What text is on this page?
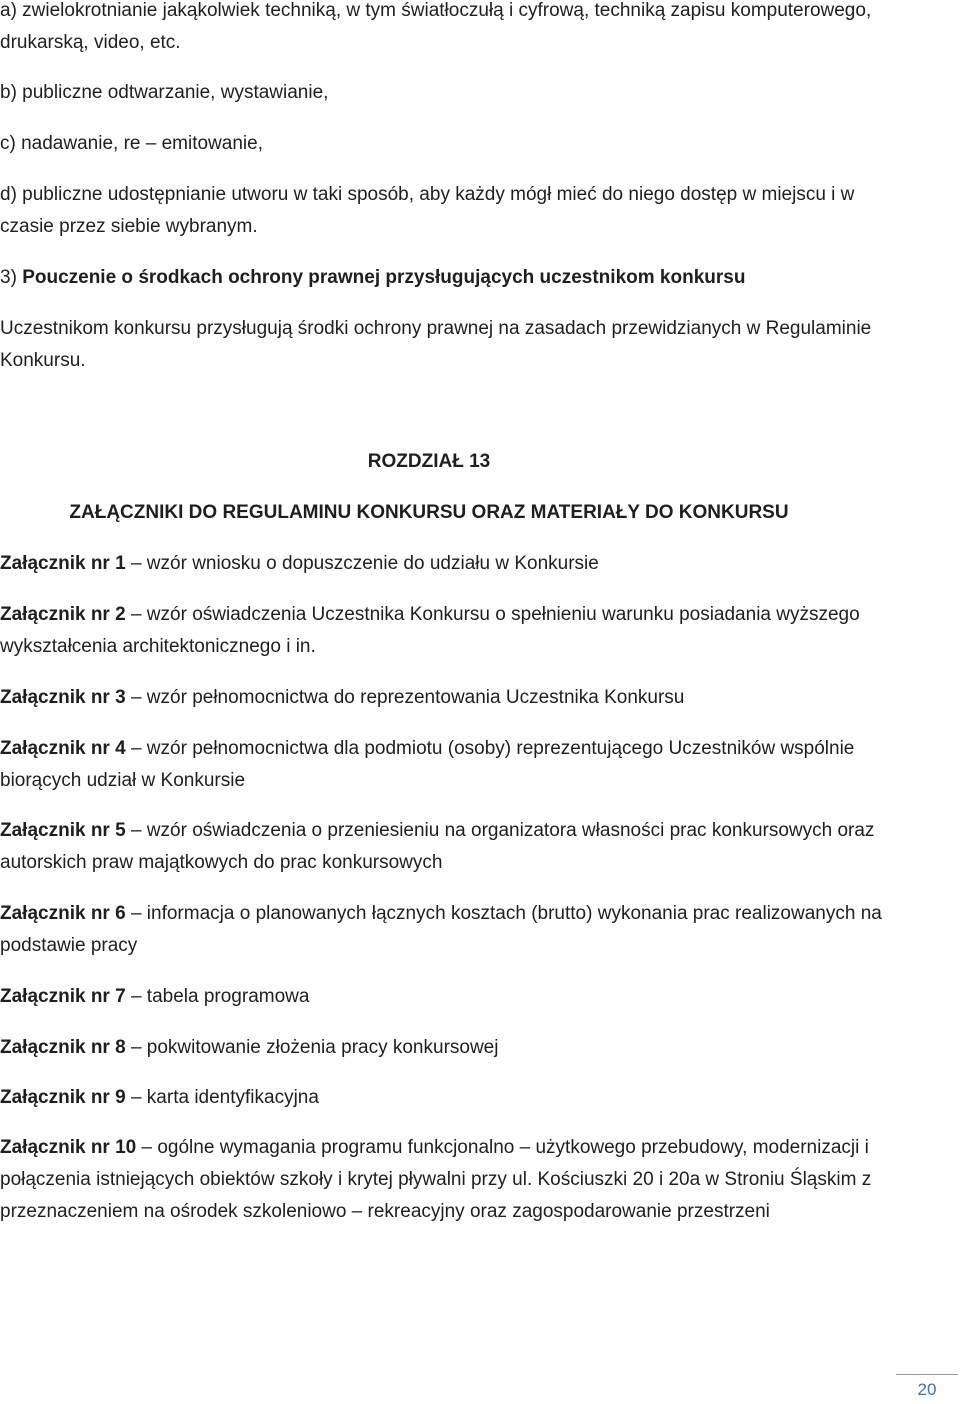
a) zwielokrotnianie jakąkolwiek techniką, w tym światłoczułą i cyfrową, techniką zapisu komputerowego, drukarską, video, etc.

b) publiczne odtwarzanie, wystawianie,

c) nadawanie, re – emitowanie,

d) publiczne udostępnianie utworu w taki sposób, aby każdy mógł mieć do niego dostęp w miejscu i w czasie przez siebie wybranym.

3) Pouczenie o środkach ochrony prawnej przysługujących uczestnikom konkursu

Uczestnikom konkursu przysługują środki ochrony prawnej na zasadach przewidzianych w Regulaminie Konkursu.

ROZDZIAŁ 13

ZAŁĄCZNIKI DO REGULAMINU KONKURSU ORAZ MATERIAŁY DO KONKURSU

Załącznik nr 1 – wzór wniosku o dopuszczenie do udziału w Konkursie

Załącznik nr 2 – wzór oświadczenia Uczestnika Konkursu o spełnieniu warunku posiadania wyższego wykształcenia architektonicznego i in.

Załącznik nr 3 – wzór pełnomocnictwa do reprezentowania Uczestnika Konkursu

Załącznik nr 4 – wzór pełnomocnictwa dla podmiotu (osoby) reprezentującego Uczestników wspólnie biorących udział w Konkursie

Załącznik nr 5 – wzór oświadczenia o przeniesieniu na organizatora własności prac konkursowych oraz autorskich praw majątkowych do prac konkursowych

Załącznik nr 6 – informacja o planowanych łącznych kosztach (brutto) wykonania prac realizowanych na podstawie pracy

Załącznik nr 7 – tabela programowa

Załącznik nr 8 – pokwitowanie złożenia pracy konkursowej

Załącznik nr 9 – karta identyfikacyjna

Załącznik nr 10 – ogólne wymagania programu funkcjonalno – użytkowego przebudowy, modernizacji i połączenia istniejących obiektów szkoły i krytej pływalni przy ul. Kościuszki 20 i 20a w Stroniu Śląskim z przeznaczeniem na ośrodek szkoleniowo – rekreacyjny oraz zagospodarowanie przestrzeni

20
